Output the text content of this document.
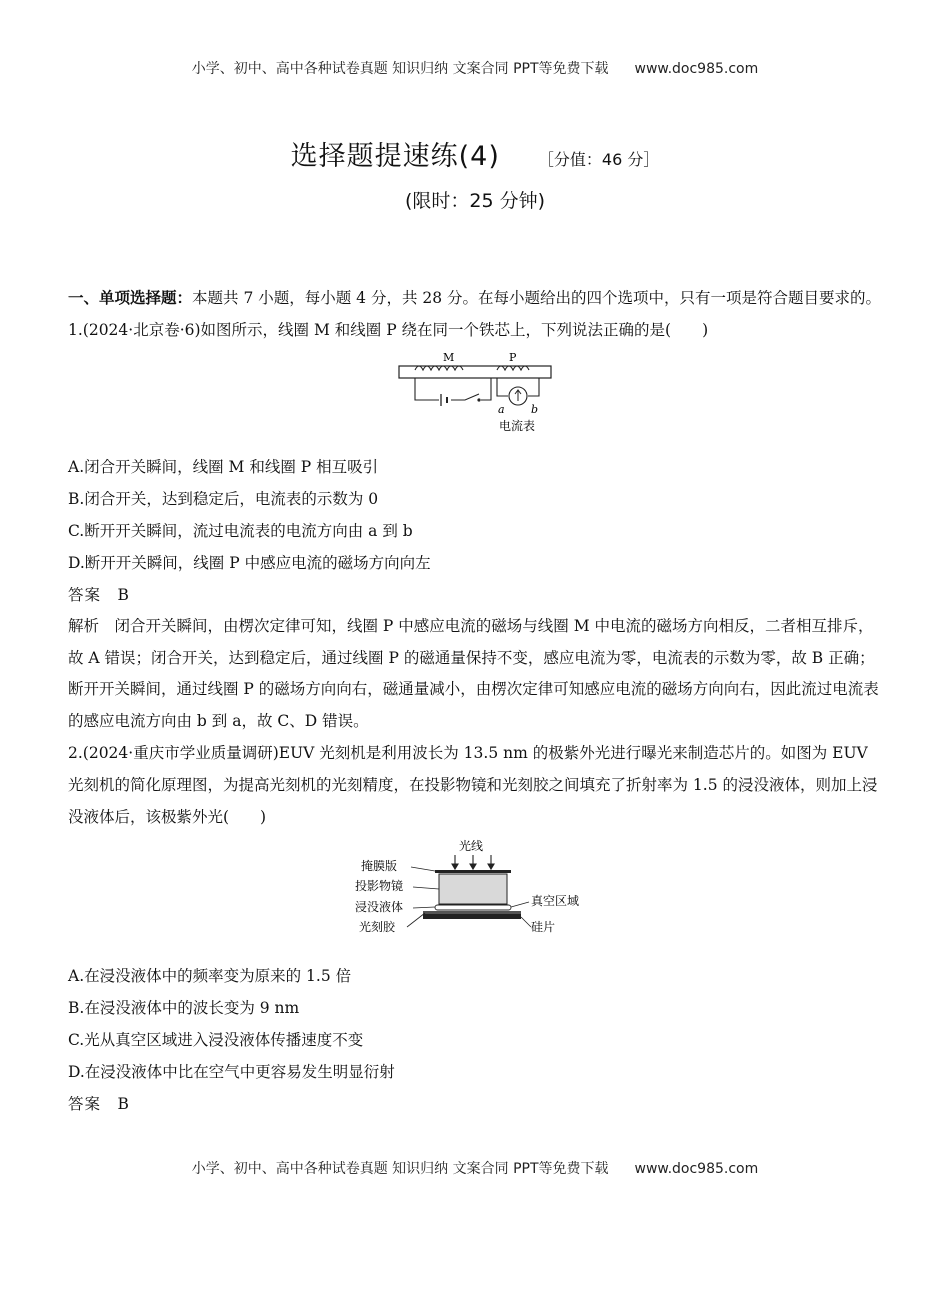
小学、初中、高中各种试卷真题 知识归纳 文案合同 PPT等免费下载 www.doc985.com
选择题提速练(4) ［分值：46 分］
(限时：25 分钟)

一、单项选择题：本题共 7 小题，每小题 4 分，共 28 分。在每小题给出的四个选项中，只有一项是符合题目要求的。

1.(2024·北京卷·6)如图所示，线圈 M 和线圈 P 绕在同一个铁芯上，下列说法正确的是(　　)

M	P
a b
电流表

A.闭合开关瞬间，线圈 M 和线圈 P 相互吸引

B.闭合开关，达到稳定后，电流表的示数为 0

C.断开开关瞬间，流过电流表的电流方向由 a 到 b

D.断开开关瞬间，线圈 P 中感应电流的磁场方向向左

答案　B

解析　闭合开关瞬间，由楞次定律可知，线圈 P 中感应电流的磁场与线圈 M 中电流的磁场方向相反，二者相互排斥，故 A 错误；闭合开关，达到稳定后，通过线圈 P 的磁通量保持不变，感应电流为零，电流表的示数为零，故 B 正确；断开开关瞬间，通过线圈 P 的磁场方向向右，磁通量减小，由楞次定律可知感应电流的磁场方向向右，因此流过电流表的感应电流方向由 b 到 a，故 C、D 错误。

2.(2024·重庆市学业质量调研)EUV 光刻机是利用波长为 13.5 nm 的极紫外光进行曝光来制造芯片的。如图为 EUV 光刻机的简化原理图，为提高光刻机的光刻精度，在投影物镜和光刻胶之间填充了折射率为 1.5 的浸没液体，则加上浸没液体后，该极紫外光(　　)

光线
掩膜版
投影物镜
浸没液体
光刻胶
真空区域
硅片

A.在浸没液体中的频率变为原来的 1.5 倍

B.在浸没液体中的波长变为 9 nm

C.光从真空区域进入浸没液体传播速度不变

D.在浸没液体中比在空气中更容易发生明显衍射

答案　B

小学、初中、高中各种试卷真题 知识归纳 文案合同 PPT等免费下载 www.doc985.com
